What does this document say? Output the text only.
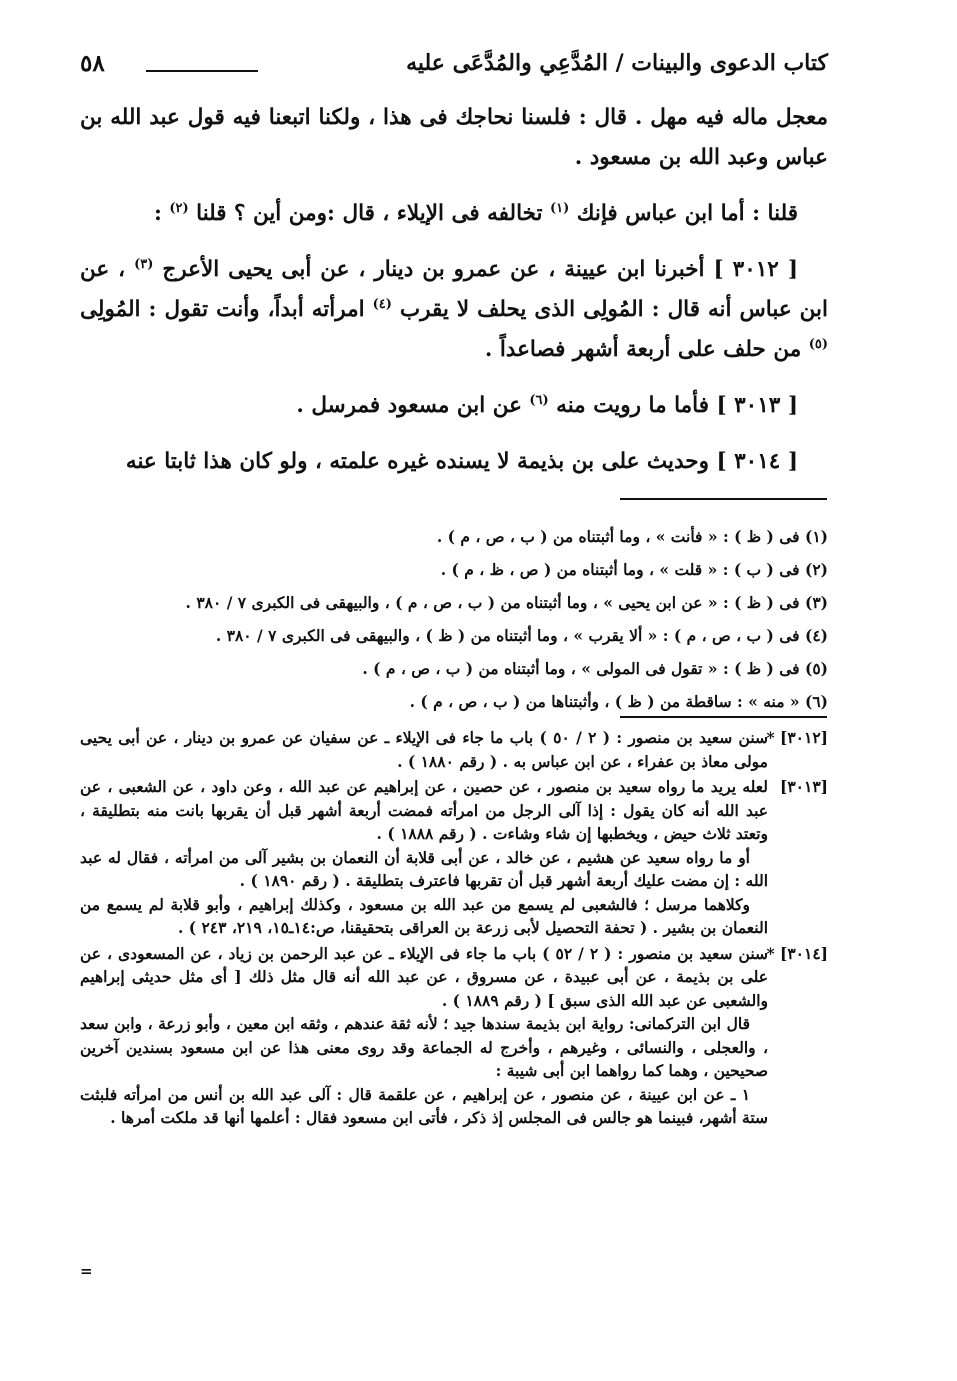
٥٨	كتاب الدعوى والبينات / المُدَّعِي والمُدَّعَى عليه

معجل ماله فيه مهل . قال : فلسنا نحاجك فى هذا ، ولكنا اتبعنا فيه قول عبد الله بن عباس وعبد الله بن مسعود .

قلنا : أما ابن عباس فإنك $^{(١)}$ تخالفه فى الإيلاء ، قال :ومن أين ؟ قلنا $^{(٢)}$ :

[ ٣٠١٢ ] أخبرنا ابن عيينة ، عن عمرو بن دينار ، عن أبى يحيى الأعرج $^{(٣)}$ ، عن ابن عباس أنه قال : المُولِى الذى يحلف لا يقرب $^{(٤)}$ امرأته أبداً، وأنت تقول : المُولِى $^{(٥)}$ من حلف على أربعة أشهر فصاعداً .

[ ٣٠١٣ ] فأما ما رويت منه $^{(٦)}$ عن ابن مسعود فمرسل .

[ ٣٠١٤ ] وحديث على بن بذيمة لا يسنده غيره علمته ، ولو كان هذا ثابتا عنه

(١) فى ( ظ ) : « فأنت » ، وما أثبتناه من ( ب ، ص ، م ) .
(٢) فى ( ب ) : « قلت » ، وما أثبتناه من ( ص ، ظ ، م ) .
(٣) فى ( ظ ) : « عن ابن يحيى » ، وما أثبتناه من ( ب ، ص ، م ) ، والبيهقى فى الكبرى ٧ / ٣٨٠ .
(٤) فى ( ب ، ص ، م ) : « ألا يقرب » ، وما أثبتناه من ( ظ ) ، والبيهقى فى الكبرى ٧ / ٣٨٠ .
(٥) فى ( ظ ) : « تقول فى المولى » ، وما أثبتناه من ( ب ، ص ، م ) .
(٦) « منه » : ساقطة من ( ظ ) ، وأثبتناها من ( ب ، ص ، م ) .
[٣٠١٢] *

سنن سعيد بن منصور : ( ٢ / ٥٠ ) باب ما جاء فى الإيلاء ـ عن سفيان عن عمرو بن دينار ، عن أبى يحيى مولى معاذ بن عفراء ، عن ابن عباس به . ( رقم ١٨٨٠ ) .

[٣٠١٣]

لعله يريد ما رواه سعيد بن منصور ، عن حصين ، عن إبراهيم عن عبد الله ، وعن داود ، عن الشعبى ، عن عبد الله أنه كان يقول : إذا آلى الرجل من امرأته فمضت أربعة أشهر قبل أن يقربها بانت منه بتطليقة ، وتعتد ثلاث حيض ، ويخطبها إن شاء وشاءت . ( رقم ١٨٨٨ ) .

أو ما رواه سعيد عن هشيم ، عن خالد ، عن أبى قلابة أن النعمان بن بشير آلى من امرأته ، فقال له عبد الله : إن مضت عليك أربعة أشهر قبل أن تقربها فاعترف بتطليقة . ( رقم ١٨٩٠ ) .

وكلاهما مرسل ؛ فالشعبى لم يسمع من عبد الله بن مسعود ، وكذلك إبراهيم ، وأبو قلابة لم يسمع من النعمان بن بشير . ( تحفة التحصيل لأبى زرعة بن العراقى بتحقيقنا، ص:١٤ـ١٥، ٢١٩، ٢٤٣ ) .

[٣٠١٤] *

سنن سعيد بن منصور : ( ٢ / ٥٢ ) باب ما جاء فى الإيلاء ـ عن عبد الرحمن بن زياد ، عن المسعودى ، عن على بن بذيمة ، عن أبى عبيدة ، عن مسروق ، عن عبد الله أنه قال مثل ذلك [ أى مثل حديثى إبراهيم والشعبى عن عبد الله الذى سبق ] ( رقم ١٨٨٩ ) .

قال ابن التركمانى: رواية ابن بذيمة سندها جيد ؛ لأنه ثقة عندهم ، وثقه ابن معين ، وأبو زرعة ، وابن سعد ، والعجلى ، والنسائى ، وغيرهم ، وأخرج له الجماعة وقد روى معنى هذا عن ابن مسعود بسندين آخرين صحيحين ، وهما كما رواهما ابن أبى شيبة :

١ ـ عن ابن عيينة ، عن منصور ، عن إبراهيم ، عن علقمة قال : آلى عبد الله بن أنس من امرأته فلبثت ستة أشهر، فبينما هو جالس فى المجلس إذ ذكر ، فأتى ابن مسعود فقال : أعلمها أنها قد ملكت أمرها .

=
